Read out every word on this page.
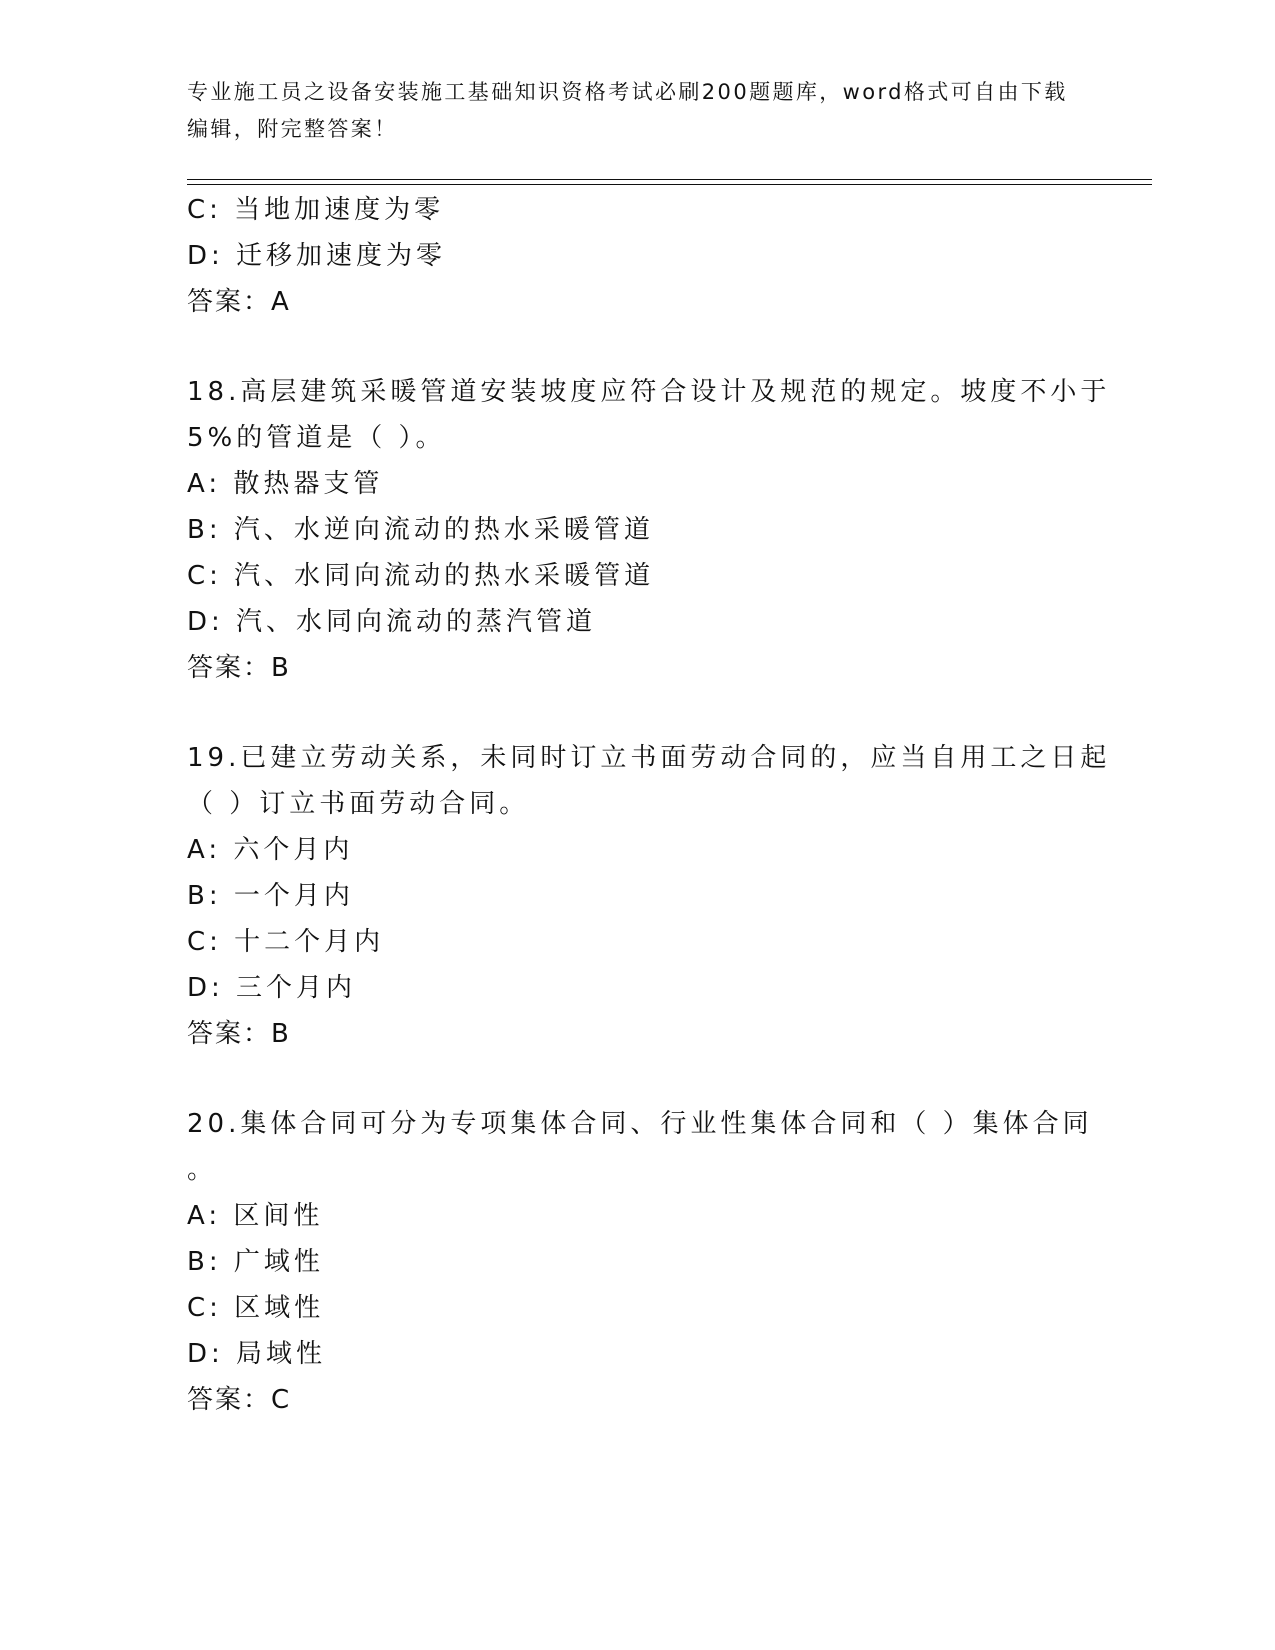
专业施工员之设备安装施工基础知识资格考试必刷200题题库，word格式可自由下载编辑，附完整答案！
C: 当地加速度为零
D: 迁移加速度为零
答案：A
18.高层建筑采暖管道安装坡度应符合设计及规范的规定。坡度不小于
5%的管道是（ ）。
A: 散热器支管
B: 汽、水逆向流动的热水采暖管道
C: 汽、水同向流动的热水采暖管道
D: 汽、水同向流动的蒸汽管道
答案：B
19.已建立劳动关系，未同时订立书面劳动合同的，应当自用工之日起
（ ）订立书面劳动合同。
A: 六个月内
B: 一个月内
C: 十二个月内
D: 三个月内
答案：B
20.集体合同可分为专项集体合同、行业性集体合同和（ ）集体合同
。
A: 区间性
B: 广域性
C: 区域性
D: 局域性
答案：C
